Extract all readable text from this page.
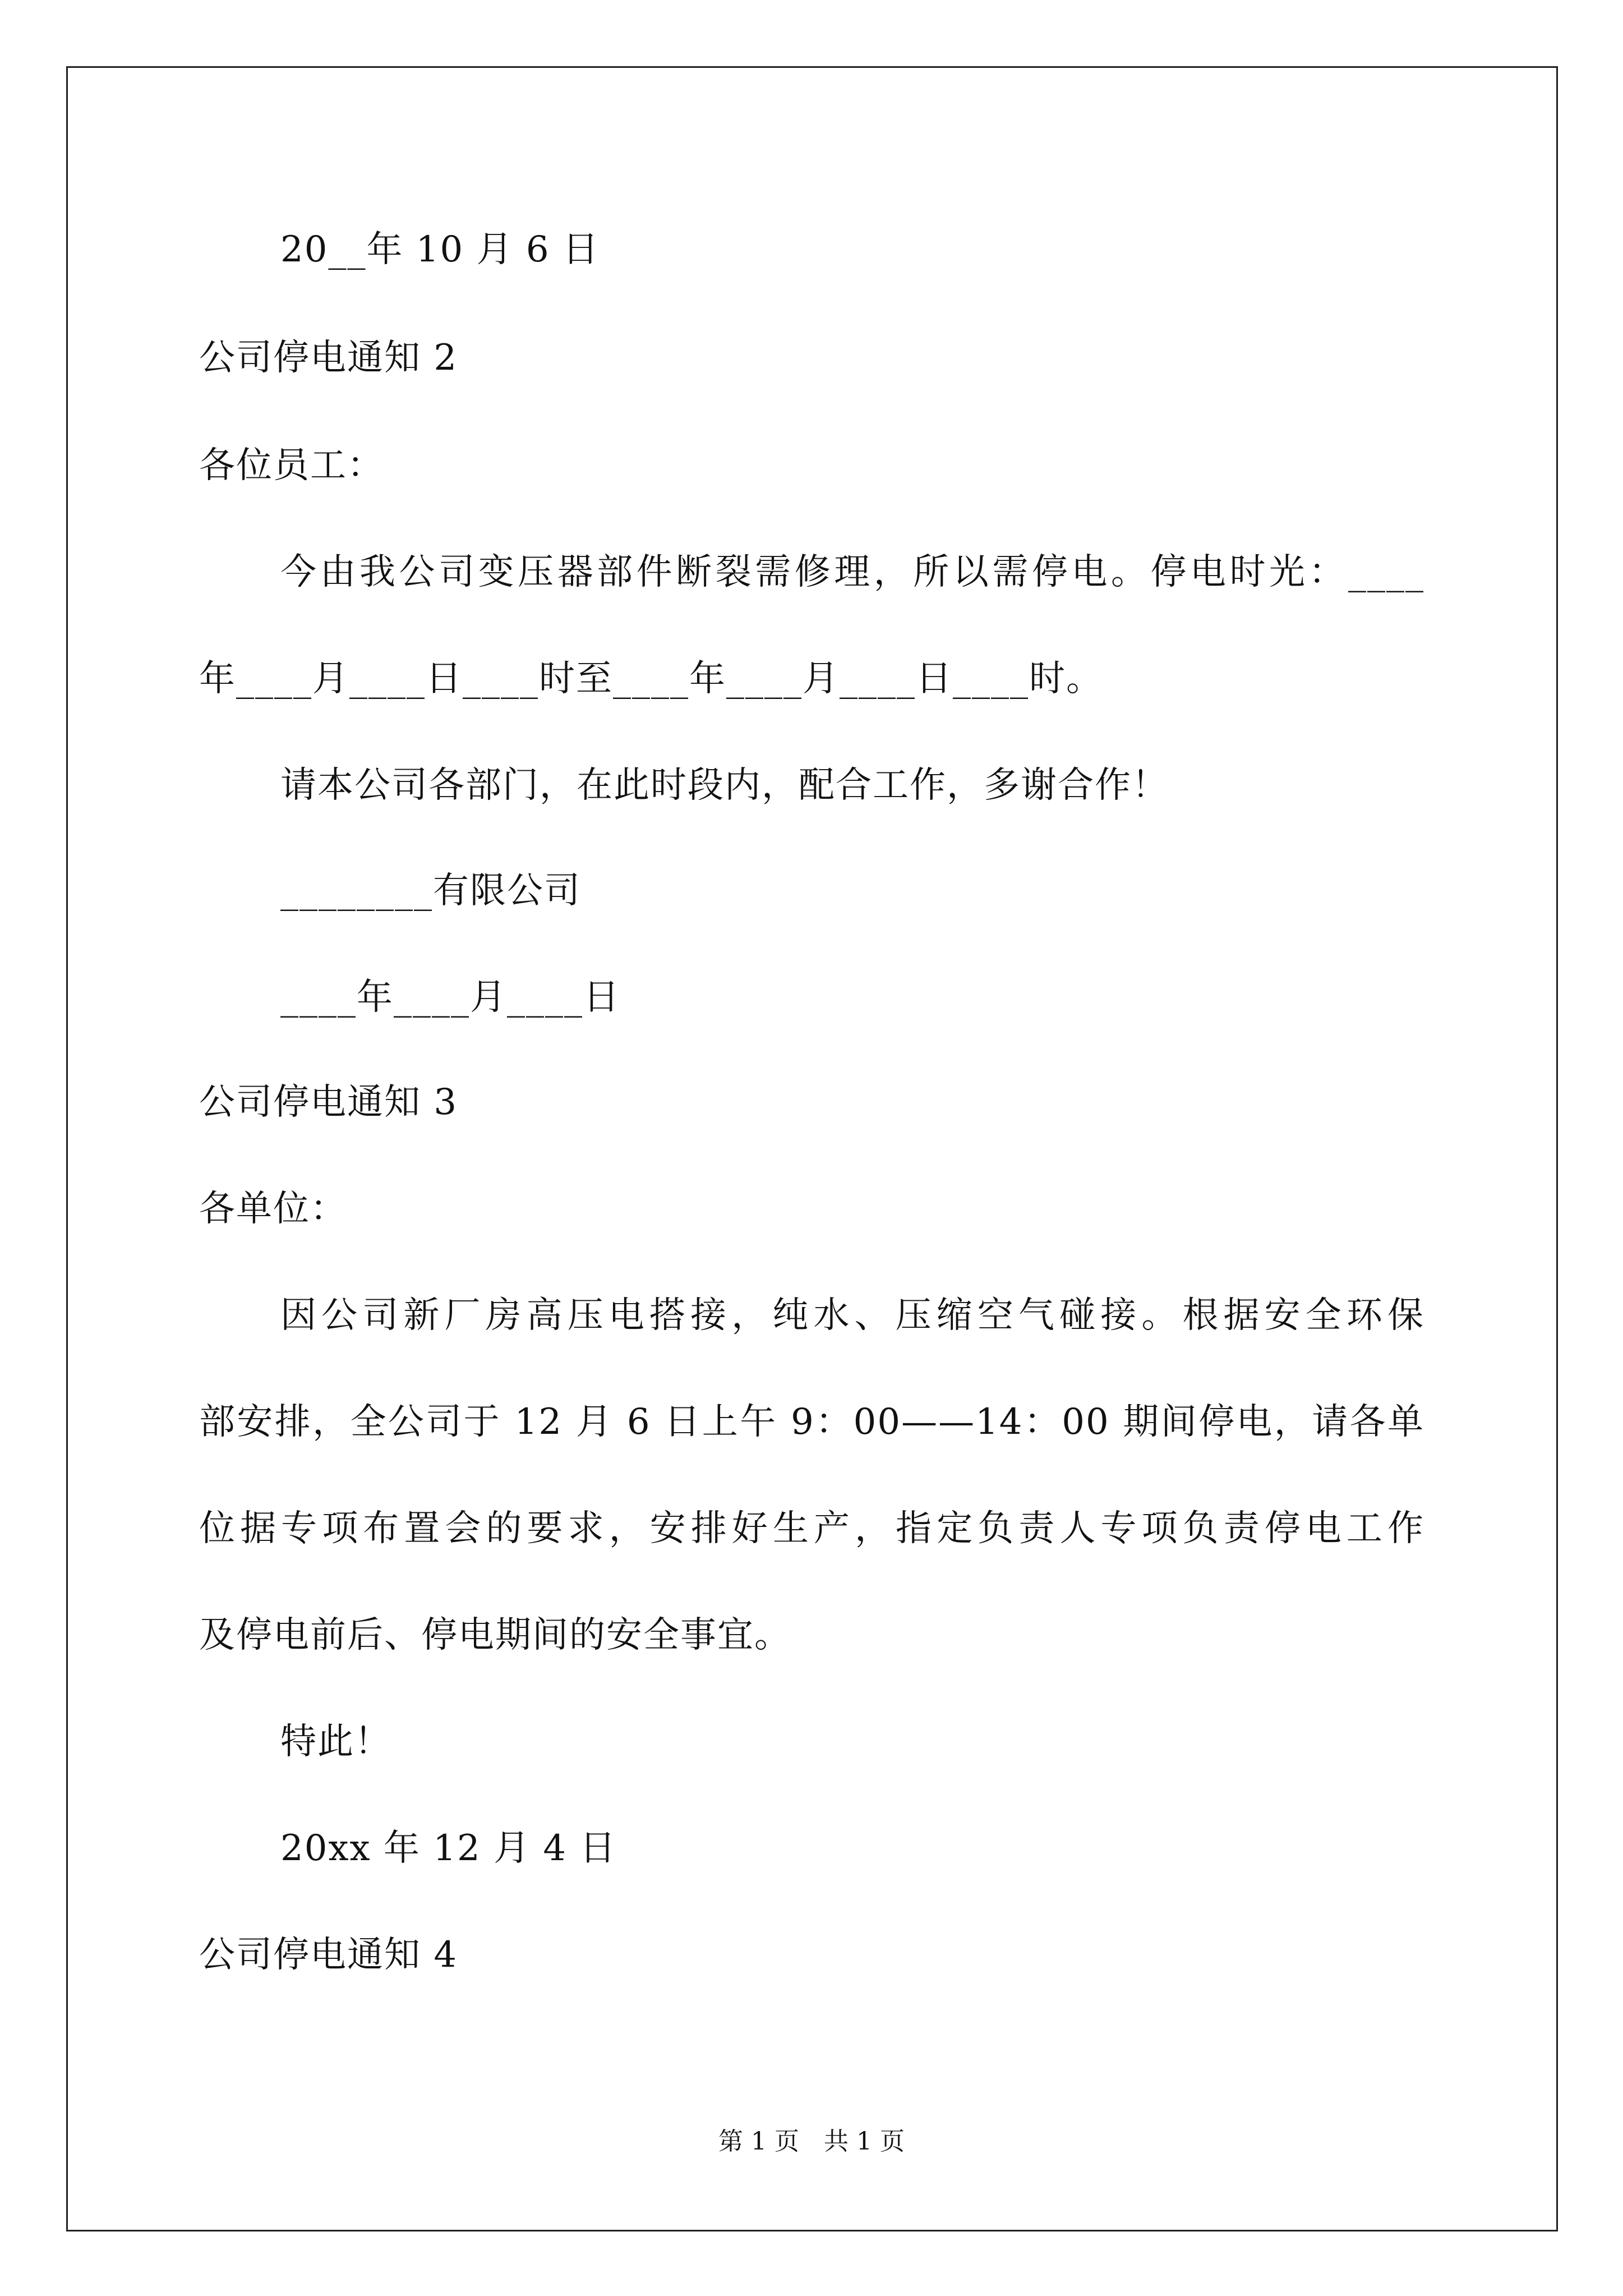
20__年 10 月 6 日
公司停电通知 2
各位员工：
今由我公司变压器部件断裂需修理，所以需停电。停电时光：____
年____月____日____时至____年____月____日____时。
请本公司各部门，在此时段内，配合工作，多谢合作！
________有限公司
____年____月____日
公司停电通知 3
各单位：
因公司新厂房高压电搭接，纯水、压缩空气碰接。根据安全环保
部安排，全公司于 12 月 6 日上午 9：00——14：00 期间停电，请各单
位据专项布置会的要求，安排好生产，指定负责人专项负责停电工作
及停电前后、停电期间的安全事宜。
特此！
20xx 年 12 月 4 日
公司停电通知 4
第 1 页　共 1 页
